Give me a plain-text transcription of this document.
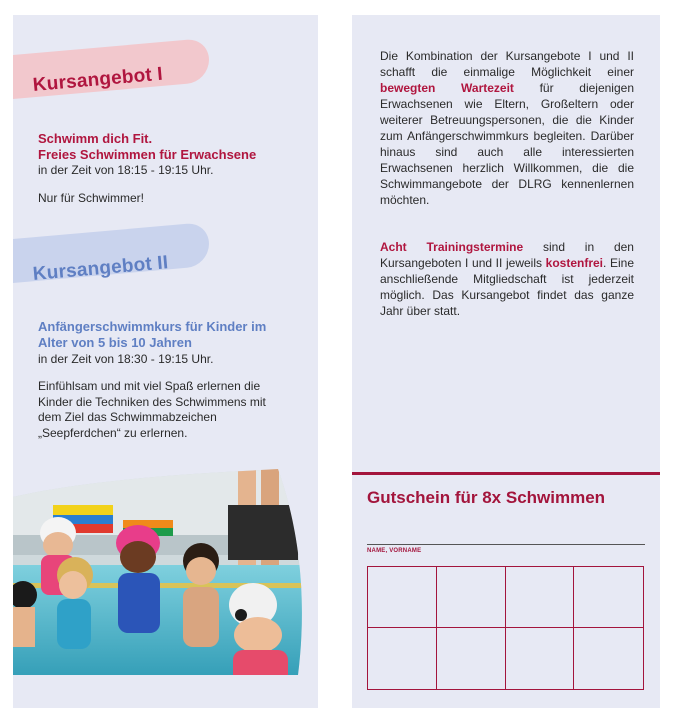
Kursangebot I
Schwimm dich Fit.
Freies Schwimmen für Erwachsene
in der Zeit von 18:15 - 19:15 Uhr.
Nur für Schwimmer!
Kursangebot II
Anfängerschwimmkurs für Kinder im
Alter von 5 bis 10 Jahren
in der Zeit von 18:30 - 19:15 Uhr.
Einfühlsam und mit viel Spaß erlernen die
Kinder die Techniken des Schwimmens mit
dem Ziel das Schwimmabzeichen
„Seepferdchen“ zu erlernen.
Die Kombination der Kursangebote I und II schafft die einmalige Möglichkeit einer bewegten Wartezeit für diejenigen Erwachsenen wie Eltern, Großeltern oder weiterer Betreuungspersonen, die die Kinder zum Anfängerschwimmkurs begleiten. Darüber hinaus sind auch alle interessierten Erwachsenen herzlich Willkommen, die die Schwimmangebote der DLRG kennenlernen möchten.
Acht Trainingstermine sind in den Kursangeboten I und II jeweils kostenfrei. Eine anschließende Mitgliedschaft ist jederzeit möglich. Das Kursangebot findet das ganze Jahr über statt.
Gutschein für 8x Schwimmen
NAME, VORNAME
